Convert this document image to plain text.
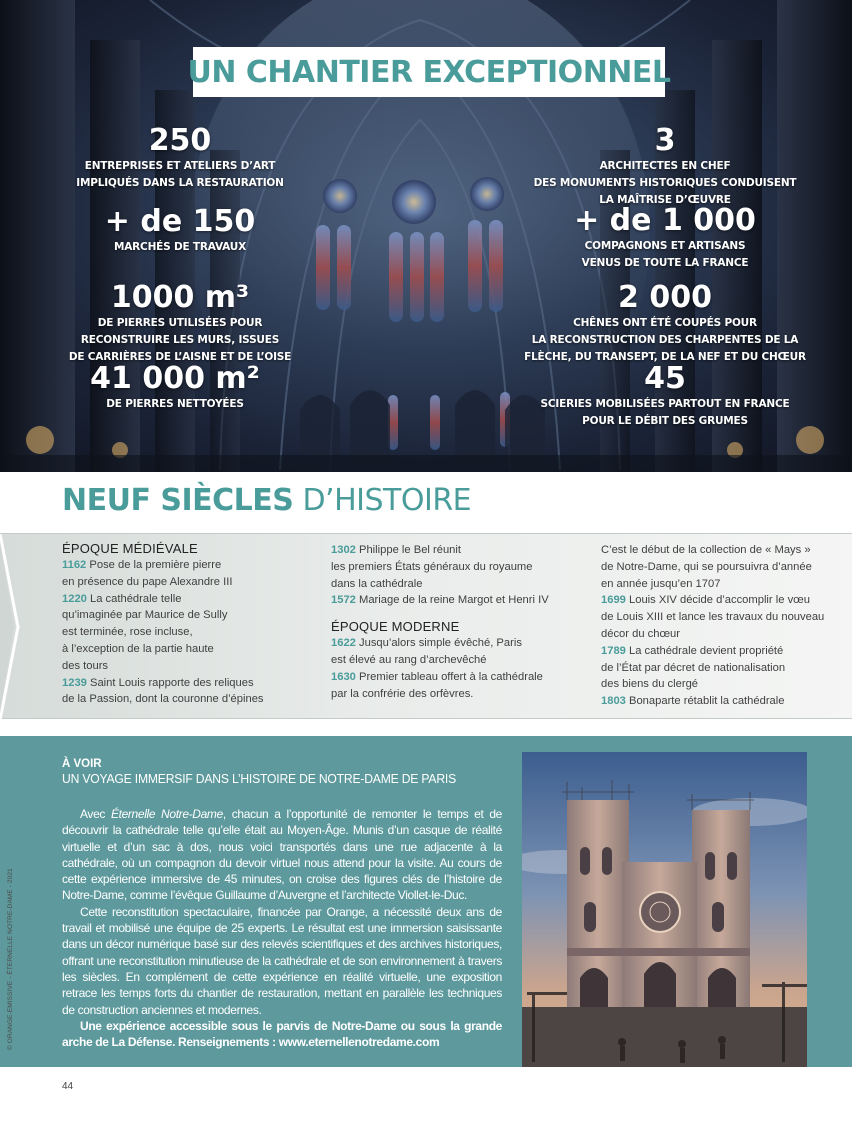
UN CHANTIER EXCEPTIONNEL
250
ENTREPRISES ET ATELIERS D’ART
IMPLIQUÉS DANS LA RESTAURATION
+ de 150
MARCHÉS DE TRAVAUX
1000 m³
DE PIERRES UTILISÉES POUR
RECONSTRUIRE LES MURS, ISSUES
DE CARRIÈRES DE L’AISNE ET DE L’OISE
41 000 m²
DE PIERRES NETTOYÉES
3
ARCHITECTES EN CHEF
DES MONUMENTS HISTORIQUES CONDUISENT
LA MAÎTRISE D’ŒUVRE
+ de 1 000
COMPAGNONS ET ARTISANS
VENUS DE TOUTE LA FRANCE
2 000
CHÊNES ONT ÉTÉ COUPÉS POUR
LA RECONSTRUCTION DES CHARPENTES DE LA
FLÈCHE, DU TRANSEPT, DE LA NEF ET DU CHŒUR
45
SCIERIES MOBILISÉES PARTOUT EN FRANCE
POUR LE DÉBIT DES GRUMES
NEUF SIÈCLES D’HISTOIRE
ÉPOQUE MÉDIÉVALE

1162 Pose de la première pierre

en présence du pape Alexandre III

1220 La cathédrale telle

qu’imaginée par Maurice de Sully

est terminée, rose incluse,

à l’exception de la partie haute

des tours

1239 Saint Louis rapporte des reliques

de la Passion, dont la couronne d’épines

1302 Philippe le Bel réunit

les premiers États généraux du royaume

dans la cathédrale

1572 Mariage de la reine Margot et Henri IV

ÉPOQUE MODERNE

1622 Jusqu’alors simple évêché, Paris

est élevé au rang d’archevêché

1630 Premier tableau offert à la cathédrale

par la confrérie des orfèvres.

C’est le début de la collection de « Mays »

de Notre-Dame, qui se poursuivra d’année

en année jusqu’en 1707

1699 Louis XIV décide d’accomplir le vœu

de Louis XIII et lance les travaux du nouveau

décor du chœur

1789 La cathédrale devient propriété

de l’État par décret de nationalisation

des biens du clergé

1803 Bonaparte rétablit la cathédrale

À VOIR
UN VOYAGE IMMERSIF DANS L’HISTOIRE DE NOTRE-DAME DE PARIS

Avec Éternelle Notre-Dame, chacun a l’opportunité de remonter le temps et de découvrir la cathédrale telle qu’elle était au Moyen-Âge. Munis d’un casque de réalité virtuelle et d’un sac à dos, nous voici transportés dans une rue adjacente à la cathédrale, où un compagnon du devoir virtuel nous attend pour la visite. Au cours de cette expérience immersive de 45 minutes, on croise des figures clés de l’histoire de Notre-Dame, comme l’évêque Guillaume d’Auvergne et l’architecte Viollet-le-Duc.

Cette reconstitution spectaculaire, financée par Orange, a nécessité deux ans de travail et mobilisé une équipe de 25 experts. Le résultat est une immersion saisissante dans un décor numérique basé sur des relevés scientifiques et des archives historiques, offrant une reconstitution minutieuse de la cathédrale et de son environnement à travers les siècles. En complément de cette expérience en réalité virtuelle, une exposition retrace les temps forts du chantier de restauration, mettant en parallèle les techniques de construction anciennes et modernes.

Une expérience accessible sous le parvis de Notre-Dame ou sous la grande arche de La Défense. Renseignements : www.eternellenotredame.com

© ORANGE-EMISSIVE - ÉTERNELLE NOTRE-DAME - 2021
44
